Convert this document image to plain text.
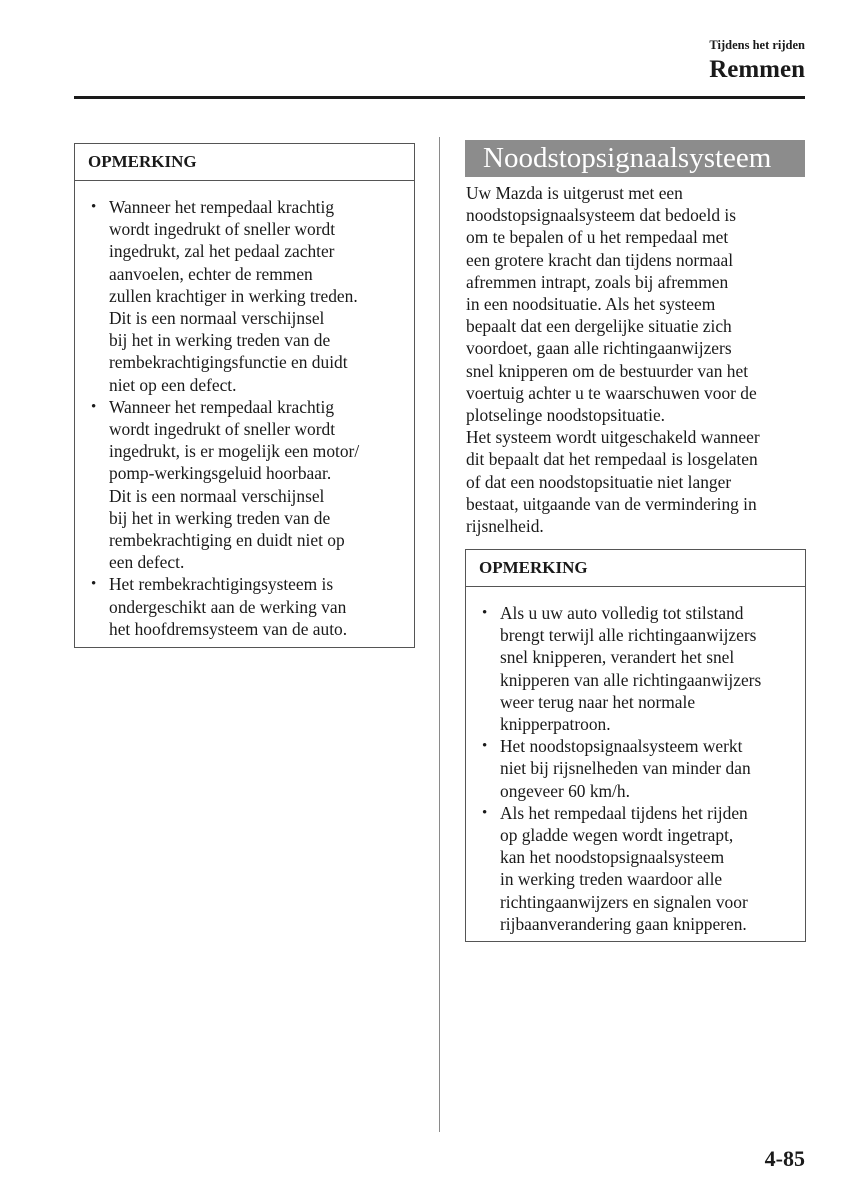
Tijdens het rijden
Remmen
OPMERKING
• Wanneer het rempedaal krachtig
wordt ingedrukt of sneller wordt
ingedrukt, zal het pedaal zachter
aanvoelen, echter de remmen
zullen krachtiger in werking treden.
Dit is een normaal verschijnsel
bij het in werking treden van de
rembekrachtigingsfunctie en duidt
niet op een defect.
• Wanneer het rempedaal krachtig
wordt ingedrukt of sneller wordt
ingedrukt, is er mogelijk een motor/
pomp-werkingsgeluid hoorbaar.
Dit is een normaal verschijnsel
bij het in werking treden van de
rembekrachtiging en duidt niet op
een defect.
• Het rembekrachtigingsysteem is
ondergeschikt aan de werking van
het hoofdremsysteem van de auto.
Noodstopsignaalsysteem
Uw Mazda is uitgerust met een
noodstopsignaalsysteem dat bedoeld is
om te bepalen of u het rempedaal met
een grotere kracht dan tijdens normaal
afremmen intrapt, zoals bij afremmen
in een noodsituatie. Als het systeem
bepaalt dat een dergelijke situatie zich
voordoet, gaan alle richtingaanwijzers
snel knipperen om de bestuurder van het
voertuig achter u te waarschuwen voor de
plotselinge noodstopsituatie.
Het systeem wordt uitgeschakeld wanneer
dit bepaalt dat het rempedaal is losgelaten
of dat een noodstopsituatie niet langer
bestaat, uitgaande van de vermindering in
rijsnelheid.
OPMERKING
• Als u uw auto volledig tot stilstand
brengt terwijl alle richtingaanwijzers
snel knipperen, verandert het snel
knipperen van alle richtingaanwijzers
weer terug naar het normale
knipperpatroon.
• Het noodstopsignaalsysteem werkt
niet bij rijsnelheden van minder dan
ongeveer 60 km/h.
• Als het rempedaal tijdens het rijden
op gladde wegen wordt ingetrapt,
kan het noodstopsignaalsysteem
in werking treden waardoor alle
richtingaanwijzers en signalen voor
rijbaanverandering gaan knipperen.
4-85
